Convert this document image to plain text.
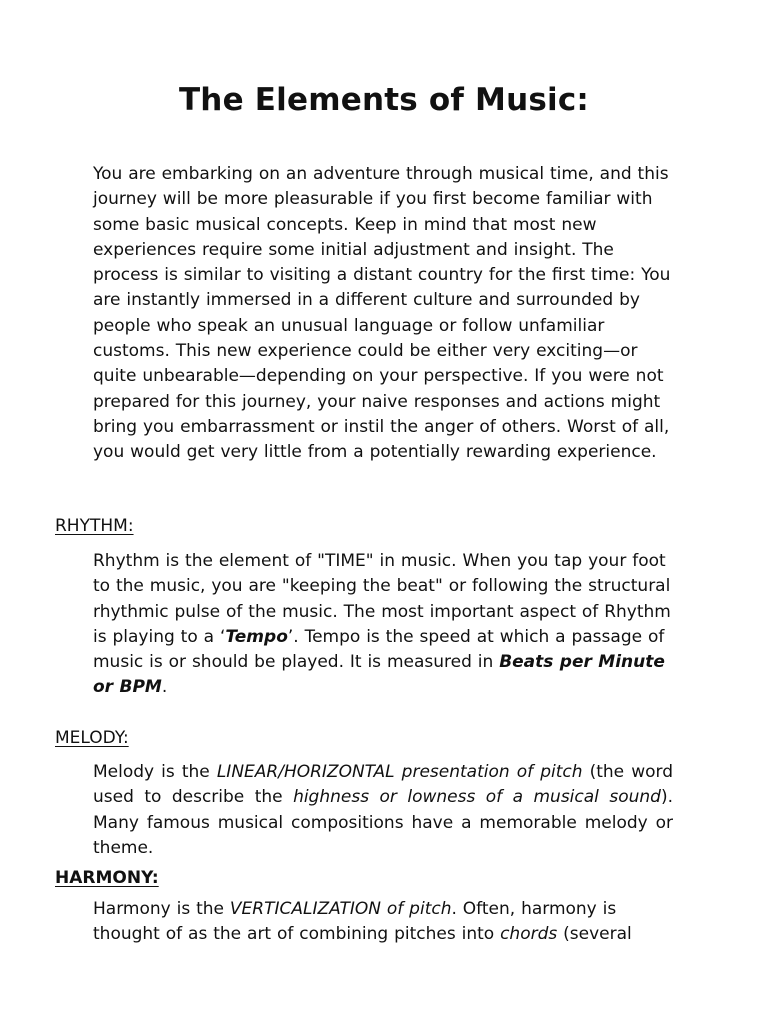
The Elements of Music:

You are embarking on an adventure through musical time, and this journey will be more pleasurable if you first become familiar with some basic musical concepts. Keep in mind that most new experiences require some initial adjustment and insight. The process is similar to visiting a distant country for the first time: You are instantly immersed in a different culture and surrounded by people who speak an unusual language or follow unfamiliar customs. This new experience could be either very exciting—or quite unbearable—depending on your perspective. If you were not prepared for this journey, your naive responses and actions might bring you embarrassment or instil the anger of others. Worst of all, you would get very little from a potentially rewarding experience.

RHYTHM:

Rhythm is the element of "TIME" in music. When you tap your foot to the music, you are "keeping the beat" or following the structural rhythmic pulse of the music. The most important aspect of Rhythm is playing to a ‘Tempo’. Tempo is the speed at which a passage of music is or should be played. It is measured in Beats per Minute or BPM.

MELODY:

Melody is the LINEAR/HORIZONTAL presentation of pitch (the word used to describe the highness or lowness of a musical sound). Many famous musical compositions have a memorable melody or theme.

HARMONY:

Harmony is the VERTICALIZATION of pitch. Often, harmony is thought of as the art of combining pitches into chords (several
